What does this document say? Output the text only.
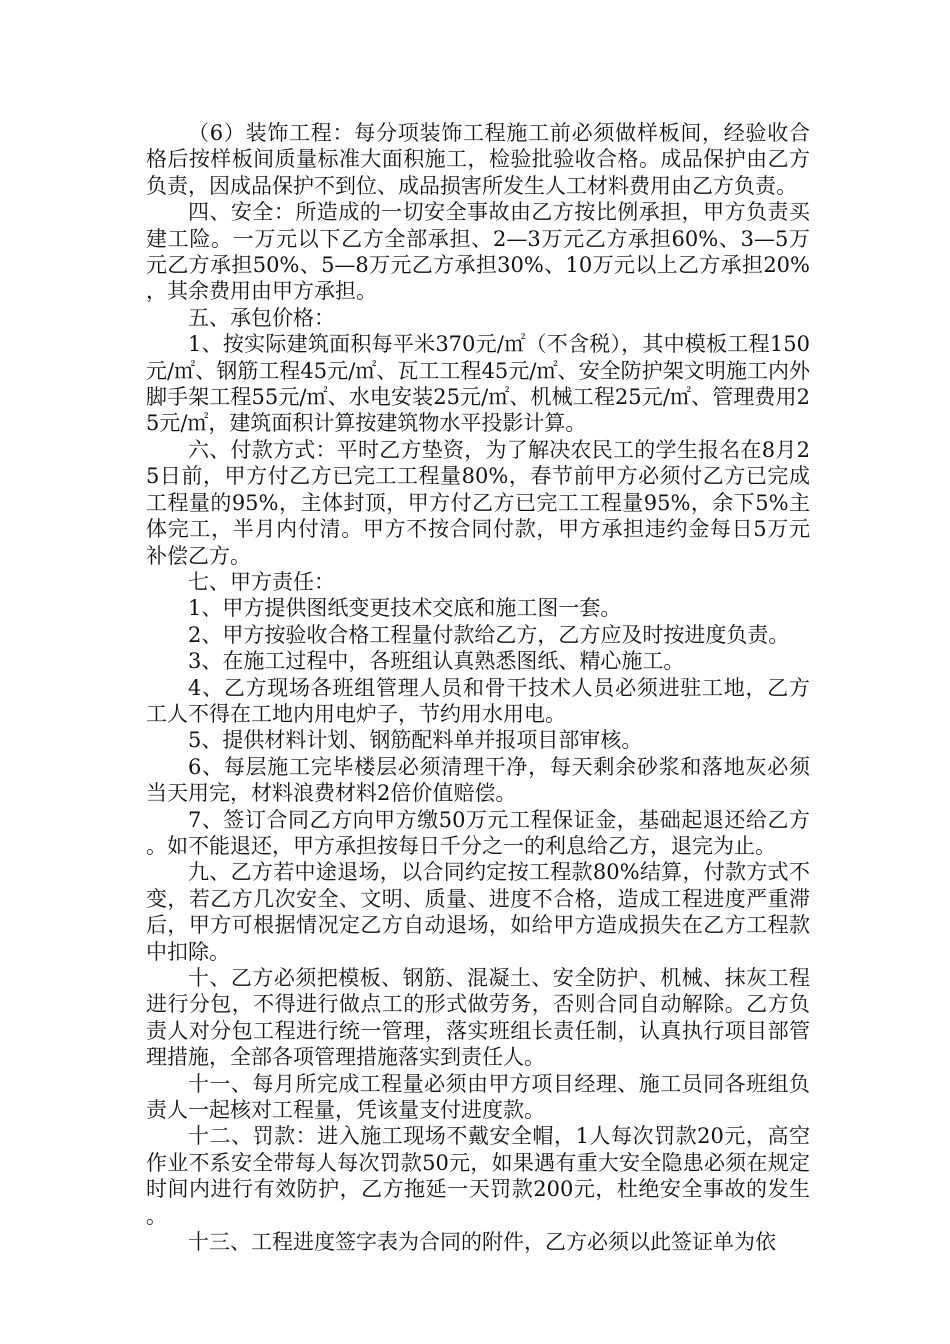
（6）装饰工程：每分项装饰工程施工前必须做样板间，经验收合格后按样板间质量标准大面积施工，检验批验收合格。成品保护由乙方负责，因成品保护不到位、成品损害所发生人工材料费用由乙方负责。

四、安全：所造成的一切安全事故由乙方按比例承担，甲方负责买建工险。一万元以下乙方全部承担、2—3万元乙方承担60%、3—5万元乙方承担50%、5—8万元乙方承担30%、10万元以上乙方承担20%，其余费用由甲方承担。

五、承包价格：

1、按实际建筑面积每平米370元/㎡（不含税），其中模板工程150元/㎡、钢筋工程45元/㎡、瓦工工程45元/㎡、安全防护架文明施工内外脚手架工程55元/㎡、水电安装25元/㎡、机械工程25元/㎡、管理费用25元/㎡，建筑面积计算按建筑物水平投影计算。

六、付款方式：平时乙方垫资，为了解决农民工的学生报名在8月25日前，甲方付乙方已完工工程量80%，春节前甲方必须付乙方已完成工程量的95%，主体封顶，甲方付乙方已完工工程量95%，余下5%主体完工，半月内付清。甲方不按合同付款，甲方承担违约金每日5万元补偿乙方。

七、甲方责任：

1、甲方提供图纸变更技术交底和施工图一套。

2、甲方按验收合格工程量付款给乙方，乙方应及时按进度负责。

3、在施工过程中，各班组认真熟悉图纸、精心施工。

4、乙方现场各班组管理人员和骨干技术人员必须进驻工地，乙方工人不得在工地内用电炉子，节约用水用电。

5、提供材料计划、钢筋配料单并报项目部审核。

6、每层施工完毕楼层必须清理干净，每天剩余砂浆和落地灰必须当天用完，材料浪费材料2倍价值赔偿。

7、签订合同乙方向甲方缴50万元工程保证金，基础起退还给乙方。如不能退还，甲方承担按每日千分之一的利息给乙方，退完为止。

九、乙方若中途退场，以合同约定按工程款80%结算，付款方式不变，若乙方几次安全、文明、质量、进度不合格，造成工程进度严重滞后，甲方可根据情况定乙方自动退场，如给甲方造成损失在乙方工程款中扣除。

十、乙方必须把模板、钢筋、混凝土、安全防护、机械、抹灰工程进行分包，不得进行做点工的形式做劳务，否则合同自动解除。乙方负责人对分包工程进行统一管理，落实班组长责任制，认真执行项目部管理措施，全部各项管理措施落实到责任人。

十一、每月所完成工程量必须由甲方项目经理、施工员同各班组负责人一起核对工程量，凭该量支付进度款。

十二、罚款：进入施工现场不戴安全帽，1人每次罚款20元，高空作业不系安全带每人每次罚款50元，如果遇有重大安全隐患必须在规定时间内进行有效防护，乙方拖延一天罚款200元，杜绝安全事故的发生。

十三、工程进度签字表为合同的附件，乙方必须以此签证单为依
